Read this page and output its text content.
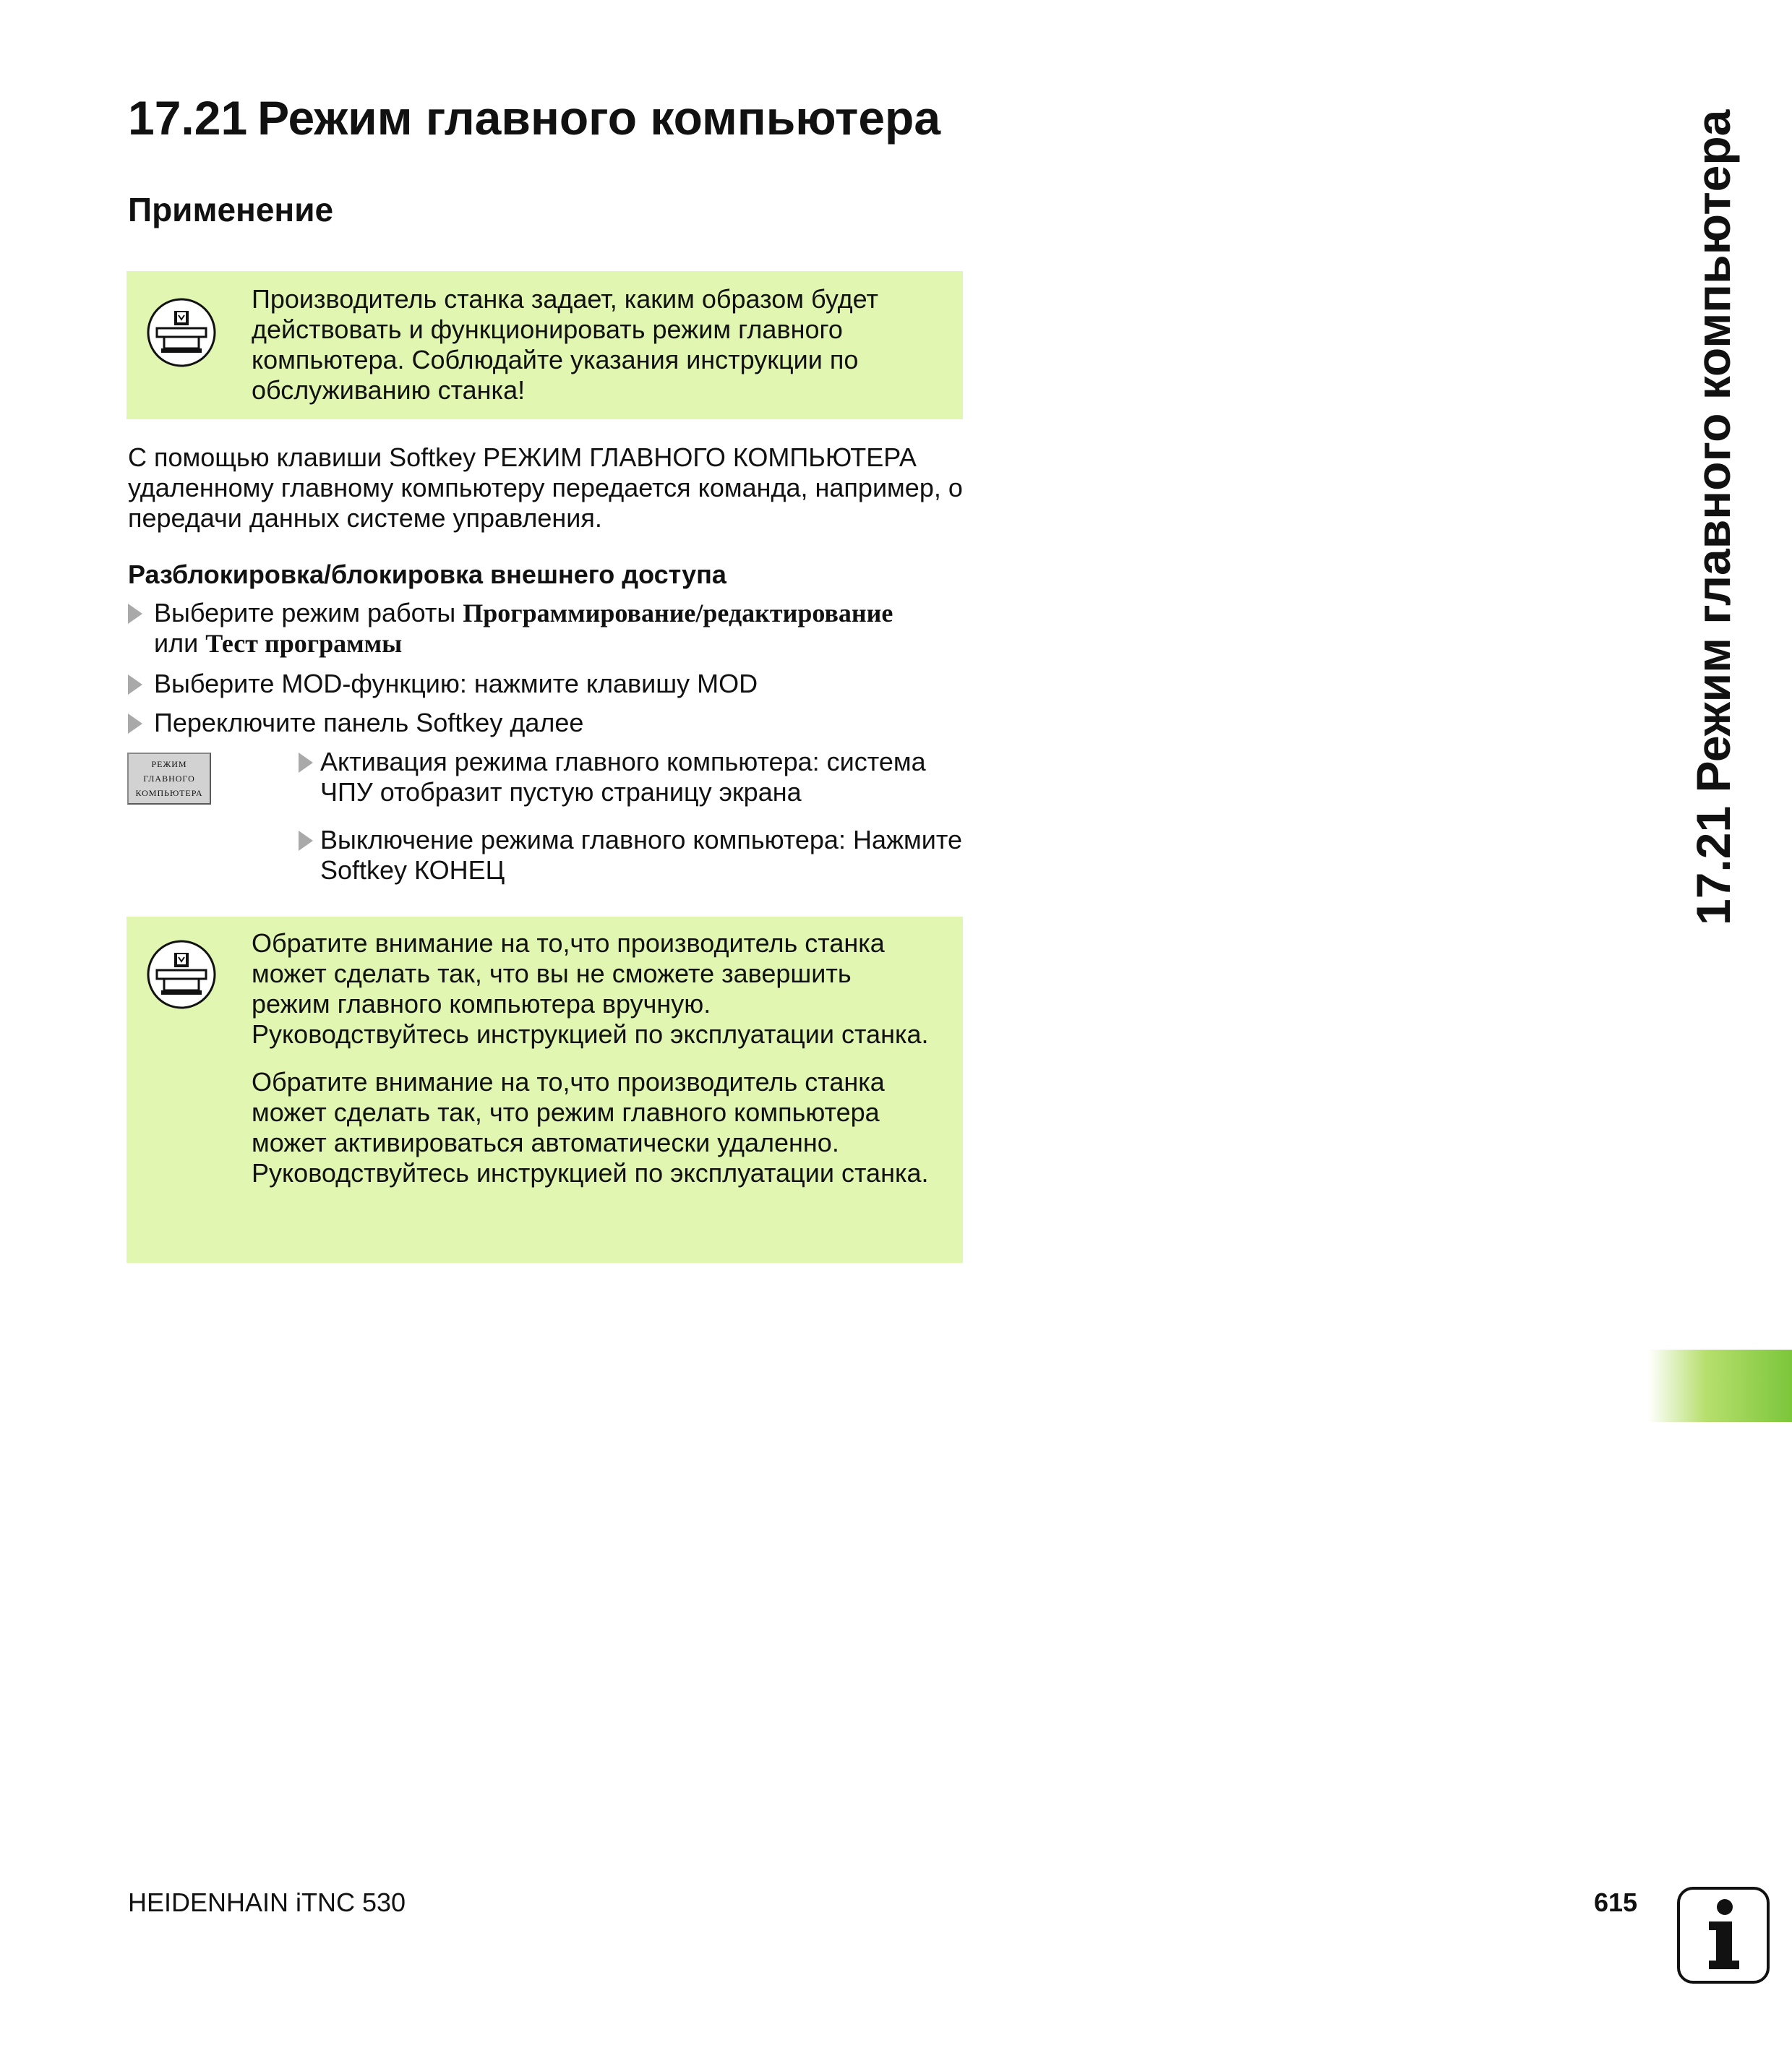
17.21 Режим главного компьютера
Применение
Производитель станка задает, каким образом будет действовать и функционировать режим главного компьютера. Соблюдайте указания инструкции по обслуживанию станка!
С помощью клавиши Softkey РЕЖИМ ГЛАВНОГО КОМПЬЮТЕРА удаленному главному компьютеру передается команда, например, о передачи данных системе управления.
Разблокировка/блокировка внешнего доступа
Выберите режим работы Программирование/редактирование
или Тест программы
Выберите MOD-функцию: нажмите клавишу MOD
Переключите панель Softkey далее
РЕЖИМ
ГЛАВНОГО
КОМПЬЮТЕРА
Активация режима главного компьютера: система ЧПУ отобразит пустую страницу экрана
Выключение режима главного компьютера: Нажмите Softkey КОНЕЦ

Обратите внимание на то,что производитель станка может сделать так, что вы не сможете завершить режим главного компьютера вручную. Руководствуйтесь инструкцией по эксплуатации станка.

Обратите внимание на то,что производитель станка может сделать так, что режим главного компьютера может активироваться автоматически удаленно. Руководствуйтесь инструкцией по эксплуатации станка.

17.21 Режим главного компьютера
HEIDENHAIN iTNC 530	615
